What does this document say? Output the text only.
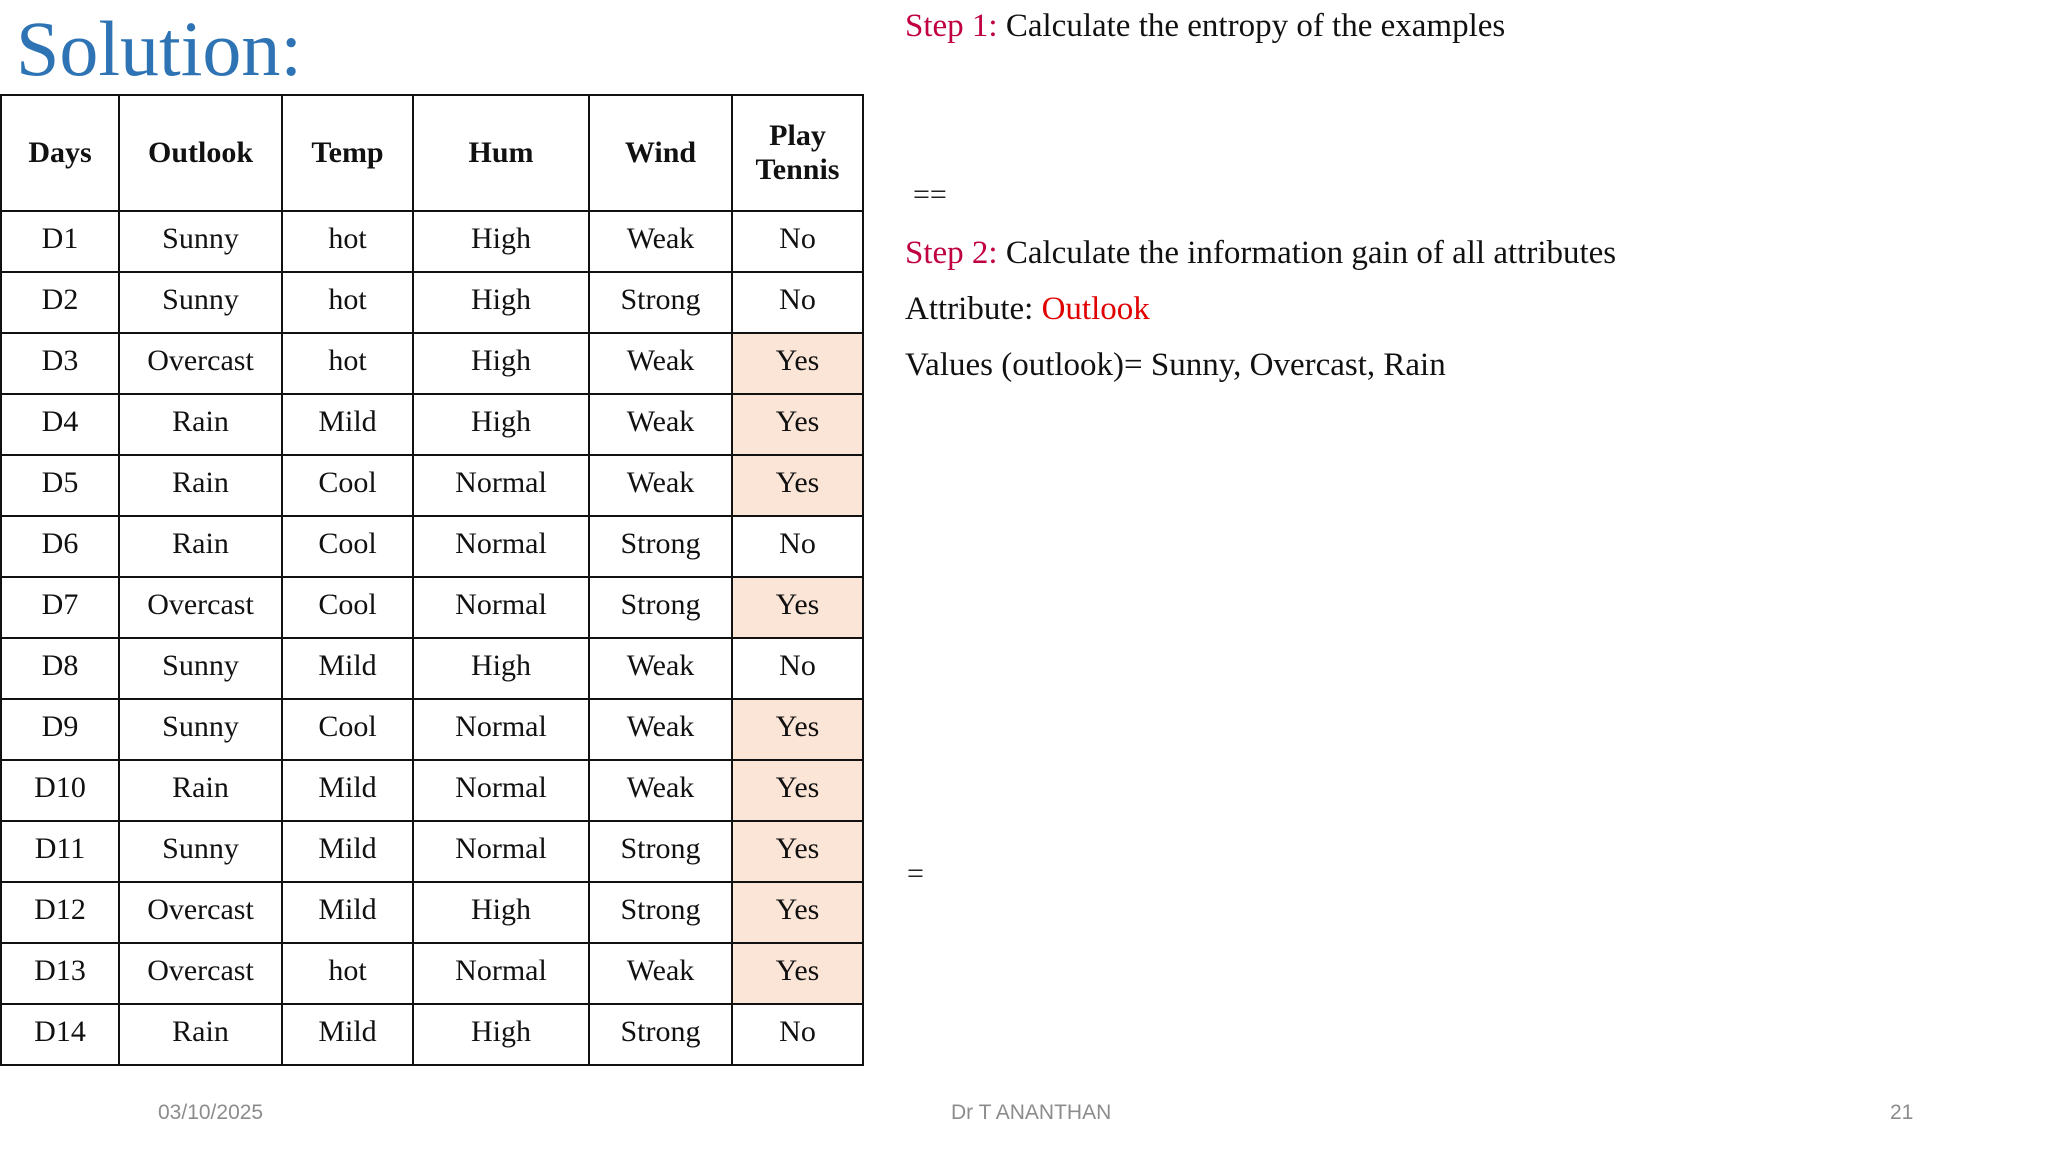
Solution:
Days	Outlook	Temp	Hum	Wind	Play Tennis
D1	Sunny	hot	High	Weak	No
D2	Sunny	hot	High	Strong	No
D3	Overcast	hot	High	Weak	Yes
D4	Rain	Mild	High	Weak	Yes
D5	Rain	Cool	Normal	Weak	Yes
D6	Rain	Cool	Normal	Strong	No
D7	Overcast	Cool	Normal	Strong	Yes
D8	Sunny	Mild	High	Weak	No
D9	Sunny	Cool	Normal	Weak	Yes
D10	Rain	Mild	Normal	Weak	Yes
D11	Sunny	Mild	Normal	Strong	Yes
D12	Overcast	Mild	High	Strong	Yes
D13	Overcast	hot	Normal	Weak	Yes
D14	Rain	Mild	High	Strong	No
Step 1: Calculate the entropy of the examples
==
Step 2: Calculate the information gain of all attributes
Attribute: Outlook
Values (outlook)= Sunny, Overcast, Rain
=
03/10/2025	Dr T ANANTHAN	21
